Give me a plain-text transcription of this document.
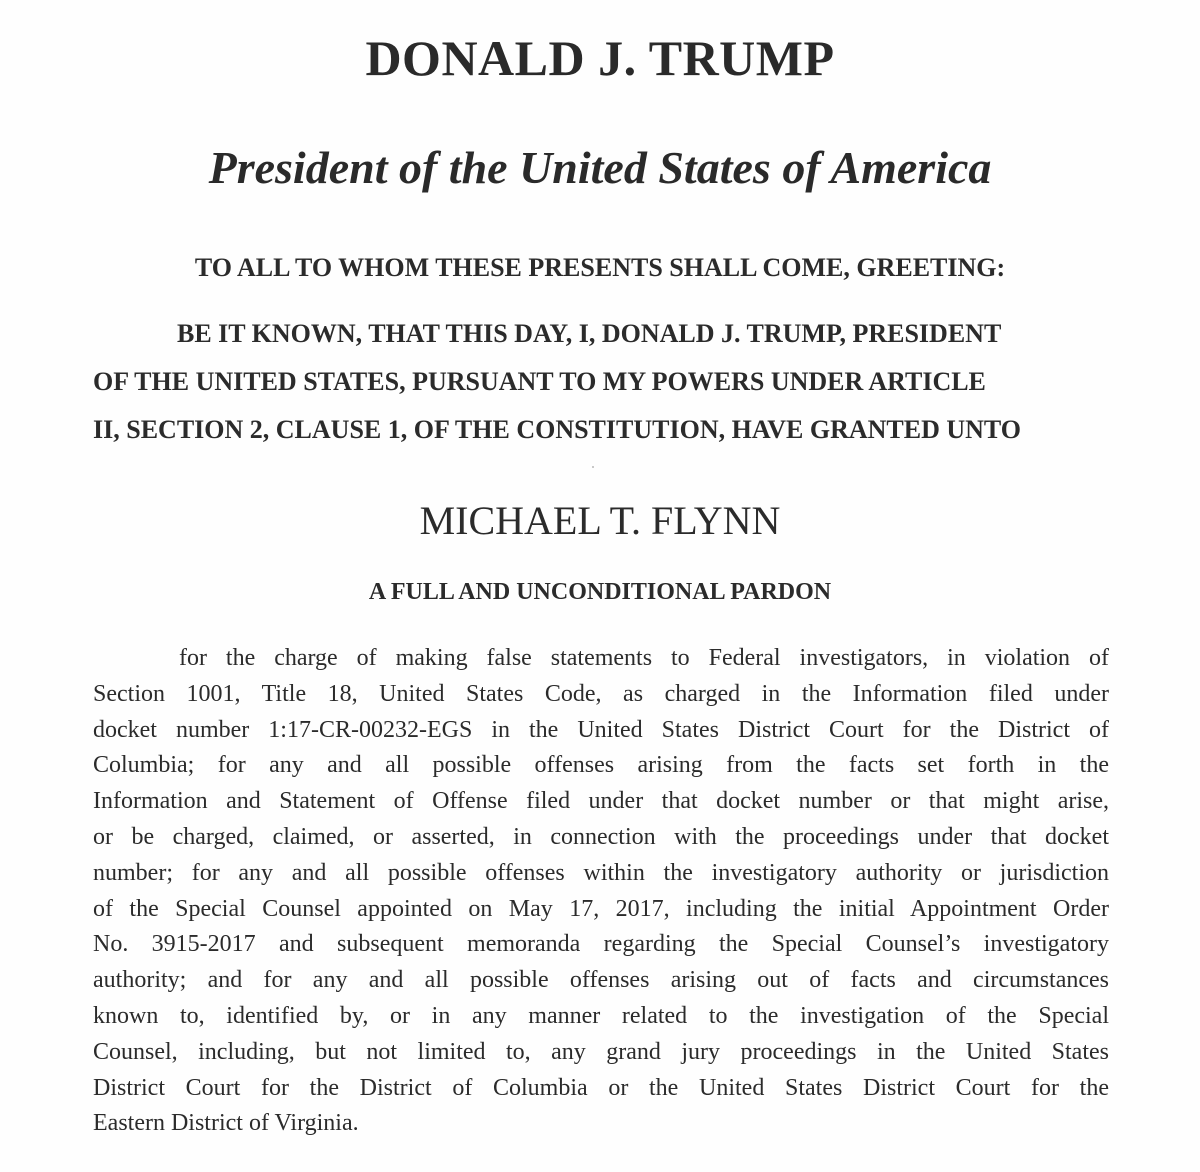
DONALD J. TRUMP
President of the United States of America
TO ALL TO WHOM THESE PRESENTS SHALL COME, GREETING:
BE IT KNOWN, THAT THIS DAY, I, DONALD J. TRUMP, PRESIDENT
OF THE UNITED STATES, PURSUANT TO MY POWERS UNDER ARTICLE
II, SECTION 2, CLAUSE 1, OF THE CONSTITUTION, HAVE GRANTED UNTO
MICHAEL T. FLYNN
A FULL AND UNCONDITIONAL PARDON
for the charge of making false statements to Federal investigators, in violation of
Section 1001, Title 18, United States Code, as charged in the Information filed under
docket number 1:17-CR-00232-EGS in the United States District Court for the District of
Columbia; for any and all possible offenses arising from the facts set forth in the
Information and Statement of Offense filed under that docket number or that might arise,
or be charged, claimed, or asserted, in connection with the proceedings under that docket
number; for any and all possible offenses within the investigatory authority or jurisdiction
of the Special Counsel appointed on May 17, 2017, including the initial Appointment Order
No. 3915-2017 and subsequent memoranda regarding the Special Counsel’s investigatory
authority; and for any and all possible offenses arising out of facts and circumstances
known to, identified by, or in any manner related to the investigation of the Special
Counsel, including, but not limited to, any grand jury proceedings in the United States
District Court for the District of Columbia or the United States District Court for the
Eastern District of Virginia.
